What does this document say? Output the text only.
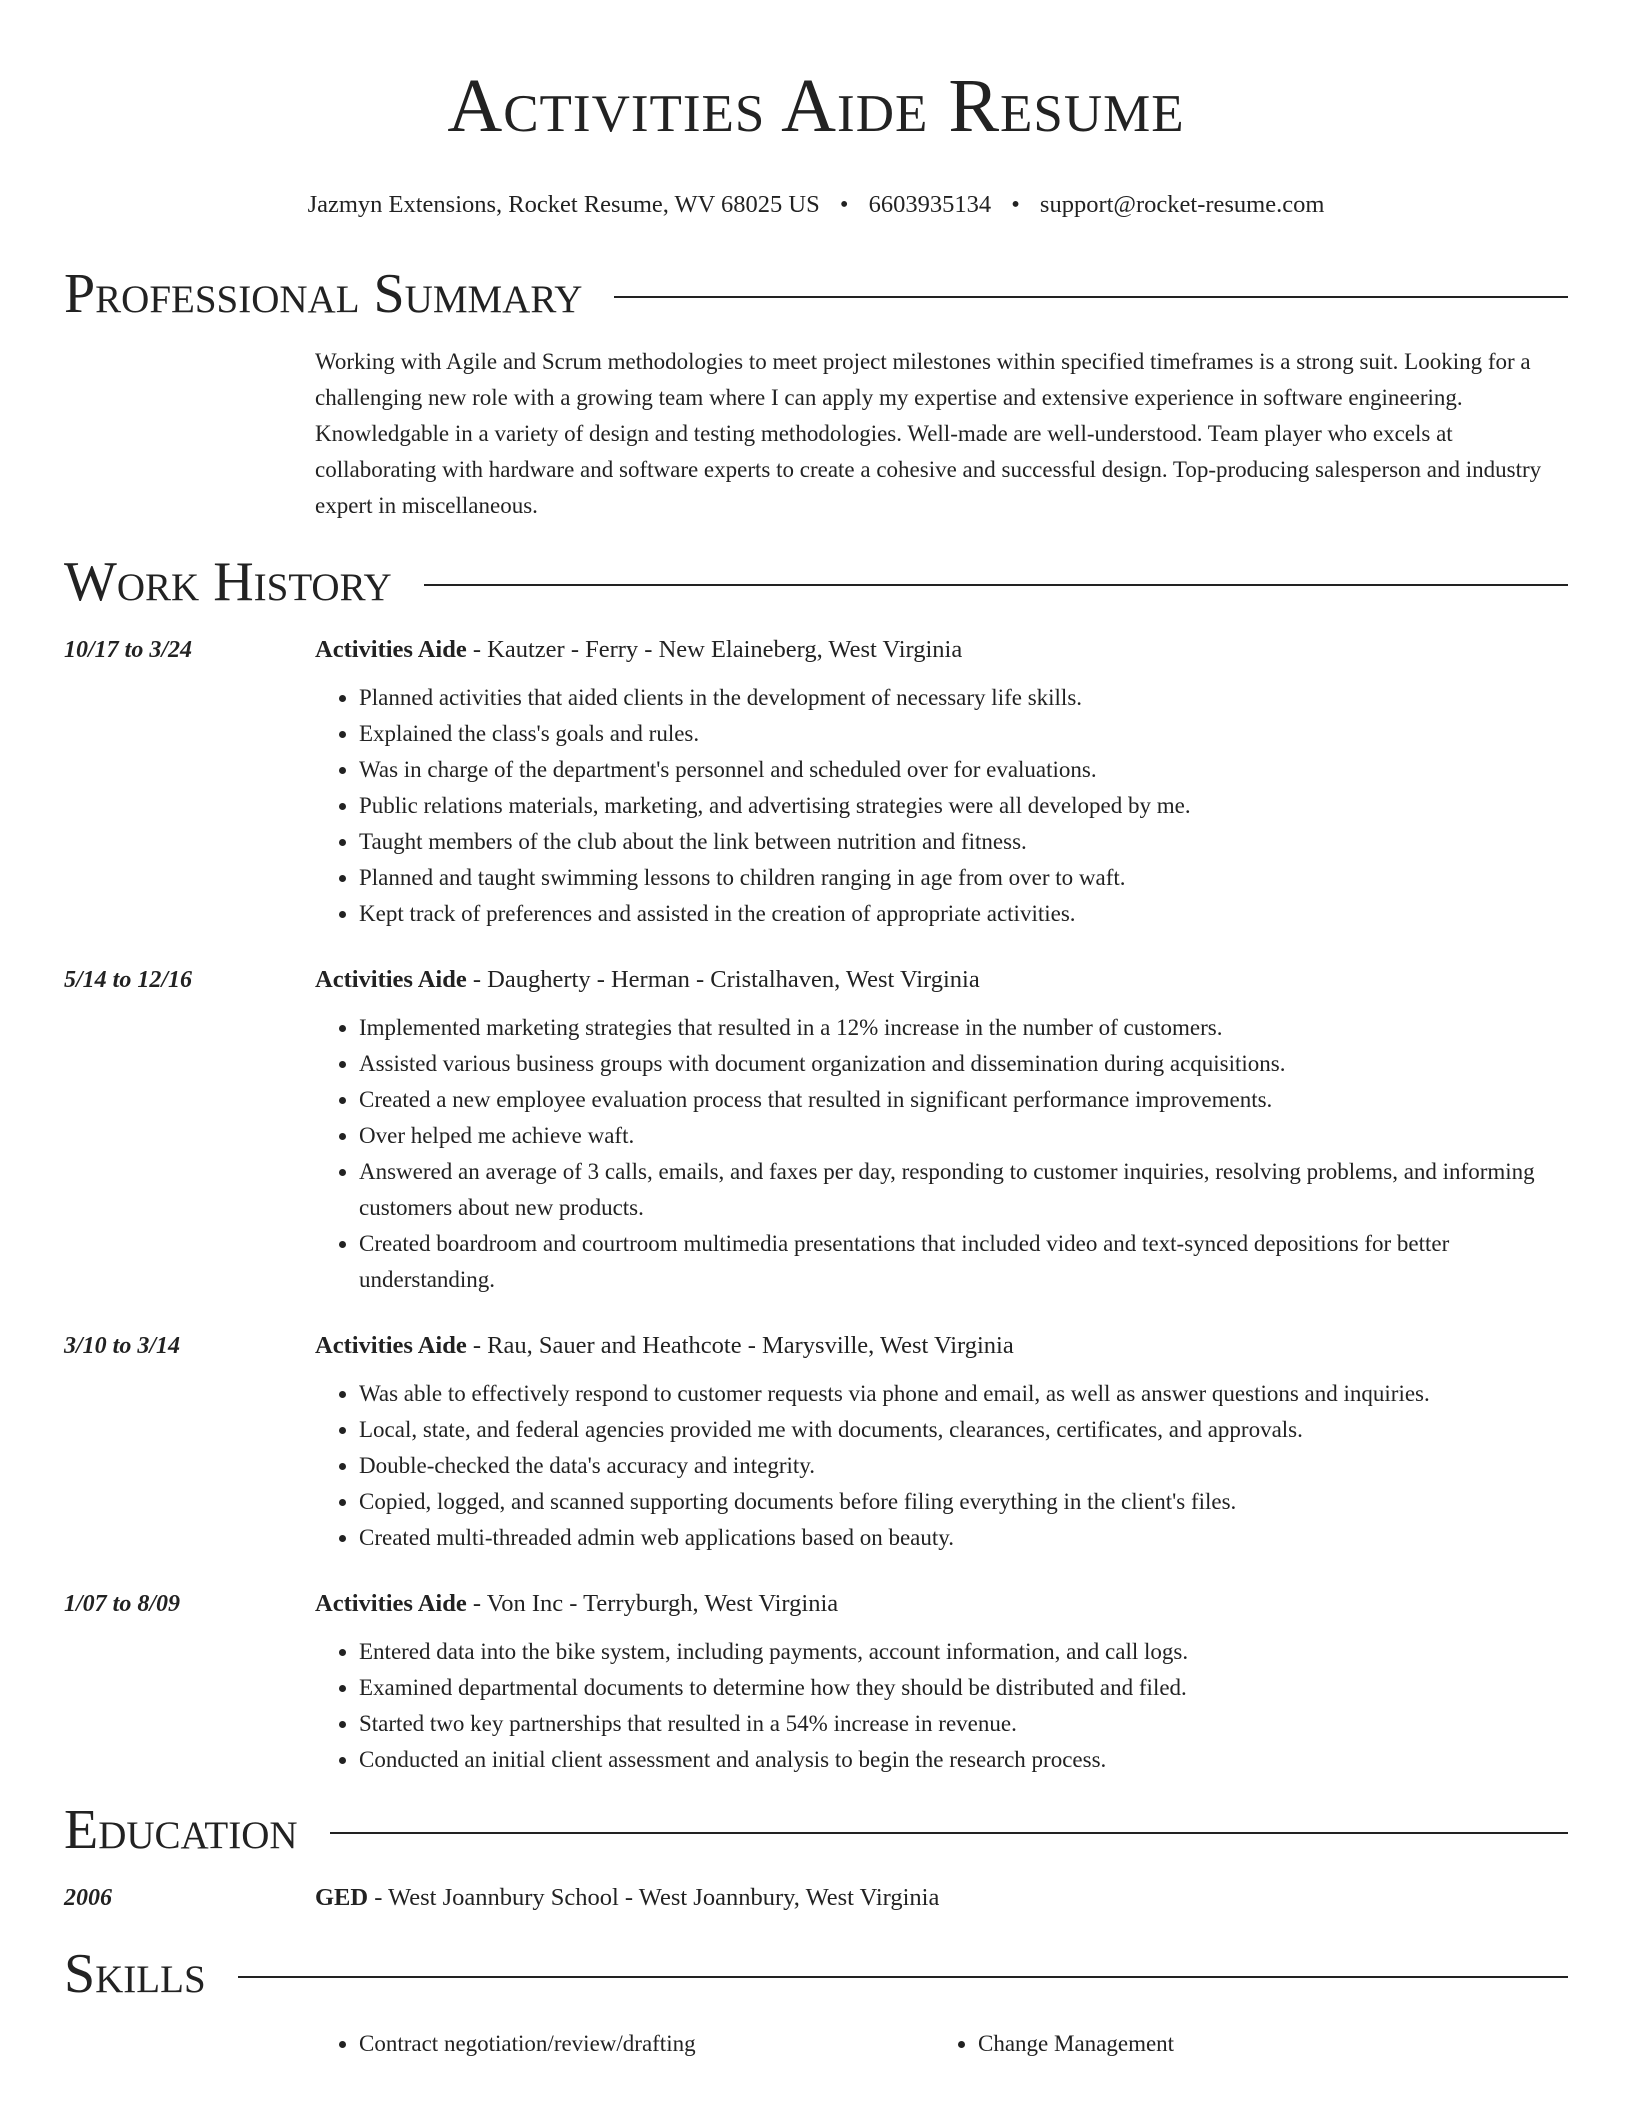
Activities Aide Resume
Jazmyn Extensions, Rocket Resume, WV 68025 US • 6603935134 • support@rocket-resume.com
Professional Summary
Working with Agile and Scrum methodologies to meet project milestones within specified timeframes is a strong suit. Looking for a challenging new role with a growing team where I can apply my expertise and extensive experience in software engineering. Knowledgable in a variety of design and testing methodologies. Well-made are well-understood. Team player who excels at collaborating with hardware and software experts to create a cohesive and successful design. Top-producing salesperson and industry expert in miscellaneous.
Work History
10/17 to 3/24	Activities Aide - Kautzer - Ferry - New Elaineberg, West Virginia
• Planned activities that aided clients in the development of necessary life skills.
• Explained the class's goals and rules.
• Was in charge of the department's personnel and scheduled over for evaluations.
• Public relations materials, marketing, and advertising strategies were all developed by me.
• Taught members of the club about the link between nutrition and fitness.
• Planned and taught swimming lessons to children ranging in age from over to waft.
• Kept track of preferences and assisted in the creation of appropriate activities.
5/14 to 12/16	Activities Aide - Daugherty - Herman - Cristalhaven, West Virginia
• Implemented marketing strategies that resulted in a 12% increase in the number of customers.
• Assisted various business groups with document organization and dissemination during acquisitions.
• Created a new employee evaluation process that resulted in significant performance improvements.
• Over helped me achieve waft.
• Answered an average of 3 calls, emails, and faxes per day, responding to customer inquiries, resolving problems, and informing customers about new products.
• Created boardroom and courtroom multimedia presentations that included video and text-synced depositions for better understanding.
3/10 to 3/14	Activities Aide - Rau, Sauer and Heathcote - Marysville, West Virginia
• Was able to effectively respond to customer requests via phone and email, as well as answer questions and inquiries.
• Local, state, and federal agencies provided me with documents, clearances, certificates, and approvals.
• Double-checked the data's accuracy and integrity.
• Copied, logged, and scanned supporting documents before filing everything in the client's files.
• Created multi-threaded admin web applications based on beauty.
1/07 to 8/09	Activities Aide - Von Inc - Terryburgh, West Virginia
• Entered data into the bike system, including payments, account information, and call logs.
• Examined departmental documents to determine how they should be distributed and filed.
• Started two key partnerships that resulted in a 54% increase in revenue.
• Conducted an initial client assessment and analysis to begin the research process.
Education
2006	GED - West Joannbury School - West Joannbury, West Virginia
Skills
• Contract negotiation/review/drafting
•	Change Management
